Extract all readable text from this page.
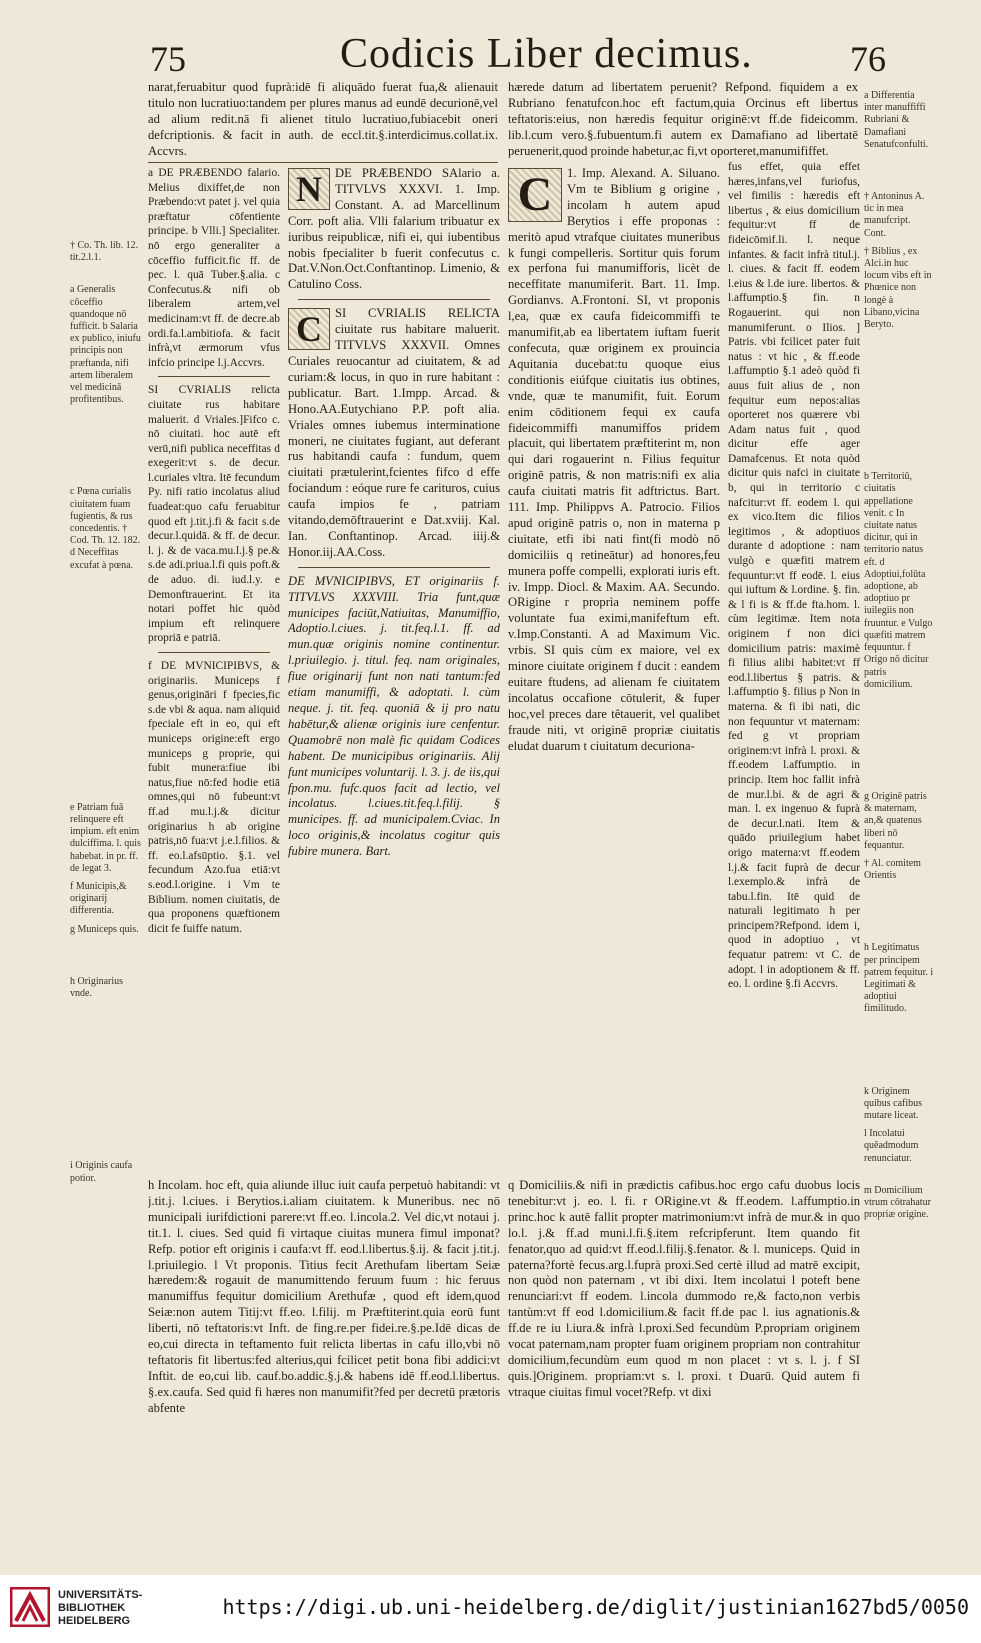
75	Codicis Liber decimus.	76

narat,feruabitur quod fuprà:idē fi aliquādo fuerat fua,& alienauit titulo non lucratiuo:tandem per plures manus ad eundē decurionē,vel ad alium redit.nā fi alienet titulo lucratiuo,fubiacebit oneri defcriptionis. & facit in auth. de eccl.tit.§.interdicimus.collat.ix. Accvrs.

a DE PRÆBENDO falario. Melius dixiffet,de non Præbendo:vt patet j. vel quia præftatur cōfentiente principe. b Vlli.] Specialiter. nō ergo generaliter a cōceffio fufficit.fic ff. de pec. l. quā Tuber.§.alia. c Confecutus.& nifi ob liberalem artem,vel medicinam:vt ff. de decre.ab ordi.fa.l.ambitiofa. & facit infrà,vt ærmorum vfus infcio principe l.j.Accvrs.

SI CVRIALIS relicta ciuitate rus habitare maluerit. d Vriales.]Fifco c. nō ciuitati. hoc autē eft verū,nifi publica neceffitas d exegerit:vt s. de decur. l.curiales vltra. Itē fecundum Py. nifi ratio incolatus aliud fuadeat:quo cafu feruabitur quod eft j.tit.j.fi & facit s.de decur.l.quidā. & ff. de decur. l. j. & de vaca.mu.l.j.§ pe.& s.de adi.priua.l.fi quis poft.& de aduo. di. iud.l.y. e Demonftrauerint. Et ita notari poffet hic quòd impium eft relinquere propriā e patriā.

f DE MVNICIPIBVS, & originariis. Municeps f genus,origināri f fpecies,fic s.de vbi & aqua. nam aliquid fpeciale eft in eo, qui eft municeps origine:eft ergo municeps g proprie, qui fubit munera:fiue ibi natus,fiue nō:fed hodie etiā omnes,qui nō fubeunt:vt ff.ad mu.l.j.& dicitur originarius h ab origine patris,nō fua:vt j.e.l.filios. & ff. eo.l.afsūptio. §.1. vel fecundum Azo.fua etiā:vt s.eod.l.origine. i Vm te Biblium. nomen ciuitatis, de qua proponens quæftionem dicit fe fuiffe natum.

N	DE PRÆBENDO SAlario a. TITVLVS XXXVI. 1. Imp. Constant. A. ad Marcellinum Corr. poft alia. Vlli falarium tribuatur ex iuribus reipublicæ, nifi ei, qui iubentibus nobis fpecialiter b fuerit confecutus c. Dat.V.Non.Oct.Conftantinop. Limenio, & Catulino Coss.

C	SI CVRIALIS RELICTA ciuitate rus habitare maluerit. TITVLVS XXXVII. Omnes Curiales reuocantur ad ciuitatem, & ad curiam:& locus, in quo in rure habitant : publicatur. Bart. 1.Impp. Arcad. & Hono.AA.Eutychiano P.P. poft alia. Vriales omnes iubemus interminatione moneri, ne ciuitates fugiant, aut deferant rus habitandi caufa : fundum, quem ciuitati prætulerint,fcientes fifco d effe fociandum : eóque rure fe carituros, cuius caufa impios fe , patriam vitando,demōftrauerint e Dat.xviij. Kal. Ian. Conftantinop. Arcad. iiij.& Honor.iij.AA.Coss.

DE MVNICIPIBVS, ET originariis f. TITVLVS XXXVIII. Tria funt,quæ municipes faciūt,Natiuitas, Manumiffio, Adoptio.l.ciues. j. tit.feq.l.1. ff. ad mun.quæ originis nomine continentur. l.priuilegio. j. titul. feq. nam originales, fiue originarij funt non nati tantum:fed etiam manumiffi, & adoptati. l. cùm neque. j. tit. feq. quoniā & ij pro natu habētur,& alienæ originis iure cenfentur. Quamobrē non malè fic quidam Codices habent. De municipibus originariis. Alij funt municipes voluntarij. l. 3. j. de iis,qui fpon.mu. fufc.quos facit ad lectio, vel incolatus. l.ciues.tit.feq.l.filij. § municipes. ff. ad municipalem.Cviac. In loco originis,& incolatus cogitur quis fubire munera. Bart.

h Incolam. hoc eft, quia aliunde illuc iuit caufa perpetuò habitandi: vt j.tit.j. l.ciues. i Berytios.i.aliam ciuitatem. k Muneribus. nec nō municipali iurifdictioni parere:vt ff.eo. l.incola.2. Vel dic,vt notaui j. tit.1. l. ciues. Sed quid fi virtaque ciuitas munera fimul imponat? Refp. potior eft originis i caufa:vt ff. eod.l.libertus.§.ij. & facit j.tit.j. l.priuilegio. l Vt proponis. Titius fecit Arethufam libertam Seiæ hæredem:& rogauit de manumittendo feruum fuum : hic feruus manumiffus fequitur domicilium Arethufæ , quod eft idem,quod Seiæ:non autem Titij:vt ff.eo. l.filij. m Præftiterint.quia eorū funt liberti, nō teftatoris:vt Inft. de fing.re.per fidei.re.§.pe.Idē dicas de eo,cui directa in teftamento fuit relicta libertas in cafu illo,vbi nō teftatoris fit libertus:fed alterius,qui fcilicet petit bona fibi addici:vt Inftit. de eo,cui lib. cauf.bo.addic.§.j.& habens idē ff.eod.l.libertus. §.ex.caufa. Sed quid fi hæres non manumifit?fed per decretū prætoris abfente

hærede datum ad libertatem peruenit? Refpond. fiquidem a ex Rubriano fenatufcon.hoc eft factum,quia Orcinus eft libertus teftatoris:eius, non hæredis fequitur originē:vt ff.de fideicomm. lib.l.cum vero.§.fubuentum.fi autem ex Damafiano ad libertatē peruenerit,quod proinde habetur,ac fi,vt oporteret,manumififfet.

C	1. Imp. Alexand. A. Siluano. Vm te Biblium g origine , incolam h autem apud Berytios i effe proponas : meritò apud vtrafque ciuitates muneribus k fungi compelleris. Sortitur quis forum ex perfona fui manumifforis, licèt de neceffitate manumiferit. Bart. 11. Imp. Gordianvs. A.Frontoni. SI, vt proponis l,ea, quæ ex caufa fideicommiffi te manumifit,ab ea libertatem iuftam fuerit confecuta, quæ originem ex prouincia Aquitania ducebat:tu quoque eius conditionis eiúfque ciuitatis ius obtines, vnde, quæ te manumifit, fuit. Eorum enim cōditionem fequi ex caufa fideicommiffi manumiffos pridem placuit, qui libertatem præftiterint m, non qui dari rogauerint n. Filius fequitur originē patris, & non matris:nifi ex alia caufa ciuitati matris fit adftrictus. Bart. 111. Imp. Philippvs A. Patrocio. Filios apud originē patris o, non in materna p ciuitate, etfi ibi nati fint(fi modò nō domiciliis q retineātur) ad honores,feu munera poffe compelli, explorati iuris eft. iv. Impp. Diocl. & Maxim. AA. Secundo. ORigine r proprìa neminem poffe voluntate fua eximi,manifeftum eft. v.Imp.Constanti. A ad Maximum Vic. vrbis. SI quis cùm ex maiore, vel ex minore ciuitate originem f ducit : eandem euitare ftudens, ad alienam fe ciuitatem incolatus occafione cōtulerit, & fuper hoc,vel preces dare têtauerit, vel qualibet fraude niti, vt originē propriæ ciuitatis eludat duarum t ciuitatum decuriona-

fus effet, quia effet hæres,infans,vel furiofus, vel fimilis : hæredis eft libertus , & eius domicilium fequitur:vt ff de fideicōmif.li. l. neque infantes. & facit infrà titul.j. l. ciues. & facit ff. eodem l.eius & l.de iure. libertos. & l.affumptio.§ fin. n Rogauerint. qui non manumiferunt. o Ilios. ] Patris. vbi fcilicet pater fuit natus : vt hic , & ff.eode l.affumptio §.1 adeò quòd fi auus fuit alius de , non fequitur eum nepos:alias oporteret nos quærere vbi Adam natus fuit , quod dicitur effe ager Damafcenus. Et nota quòd dicitur quis nafci in ciuitate b, qui in territorio c nafcitur:vt ff. eodem l. qui ex vico.Item dic filios legitimos , & adoptiuos durante d adoptione : nam vulgò e quæfiti matrem fequuntur:vt ff eodē. l. eius qui iuftum & l.ordine. §. fin. & l fi is & ff.de fta.hom. l. cùm legitimæ. Item nota originem f non dici domicilium patris: maximè fi filius alibi habitet:vt ff eod.l.libertus § patris. & l.affumptio §. filius p Non in materna. & fi ibi nati, dic non fequuntur vt maternam: fed g vt propriam originem:vt infrà l. proxi. & ff.eodem l.affumptio. in princip. Item hoc fallit infrà de mur.l.bi. & de agri & man. l. ex ingenuo & fuprà de decur.l.nati. Item & quādo priuilegium habet origo materna:vt ff.eodem l.j.& facit fuprà de decur l.exemplo.& infrà de tabu.l.fin. Itē quid de naturali legitimato h per principem?Refpond. idem i, quod in adoptiuo , vt fequatur patrem: vt C. de adopt. l in adoptionem & ff. eo. l. ordine §.fi Accvrs.

q Domiciliis.& nifi in prædictis cafibus.hoc ergo cafu duobus locis tenebitur:vt j. eo. l. fi. r ORigine.vt & ff.eodem. l.affumptio.in princ.hoc k autē fallit propter matrimonium:vt infrà de mur.& in quo lo.l. j.& ff.ad muni.l.fi.§.item refcripferunt. Item quando fit fenator,quo ad quid:vt ff.eod.l.filij.§.fenator. & l. municeps. Quid in paterna?fortè fecus.arg.l.fuprà proxi.Sed certè illud ad matrē excipit, non quòd non paternam , vt ibi dixi. Item incolatui l poteft bene renunciari:vt ff eodem. l.incola dummodo re,& facto,non verbis tantùm:vt ff eod l.domicilium.& facit ff.de pac l. ius agnationis.& ff.de re iu l.iura.& infrà l.proxi.Sed fecundùm P.propriam originem vocat paternam,nam propter fuam originem propriam non contrahitur domicilium,fecundùm eum quod m non placet : vt s. l. j. f SI quis.]Originem. propriam:vt s. l. proxi. t Duarū. Quid autem fi vtraque ciuitas fimul vocet?Refp. vt dixi

† Co. Th. lib. 12. tit.2.l.1.

a Generalis cōceffio quandoque nō fufficit. b Salaria ex publico, iniufu principis non præftanda, nifi artem liberalem vel medicinā profitentibus.

c Pœna curialis ciuitatem fuam fugientis, & rus concedentis. † Cod. Th. 12. 182. d Neceffitas excufat à pœna.

e Patriam fuā relinquere eft impium. eft enim dulciffima. l. quis habebat. in pr. ff. de legat 3.

f Municipis,& originarij differentia.

g Municeps quis.

h Originarius vnde.

i Originis caufa potior.

a Differentia inter manuffiffi Rubriani & Damafiani Senatufconfulti.

† Antoninus A. tic in mea manufcript. Cont.

† Biblius , ex Alci.in huc locum vibs eft in Phœnice non longè à Libano,vicina Beryto.

b Territoriū, ciuitatis appellatione venit. c In ciuitate natus dicitur, qui in territorio natus eft. d Adoptiui,folūta adoptione, ab adoptiuo pr iuilegiis non fruuntur. e Vulgo quæfiti matrem fequuntur. f Origo nō dicitur patris domicilium.

g Originē patris & maternam, an,& quatenus liberi nō fequantur.

† Al. comitem Orientis

h Legitimatus per principem patrem fequitur. i Legitimati & adoptiui fimilitudo.

k Originem quibus cafibus mutare liceat.

l Incolatui quēadmodum renunciatur.

m Domicilium vtrum cōtrahatur propriæ origine.

UNIVERSITÄTS-
BIBLIOTHEK
HEIDELBERG
https://digi.ub.uni-heidelberg.de/diglit/justinian1627bd5/0050
